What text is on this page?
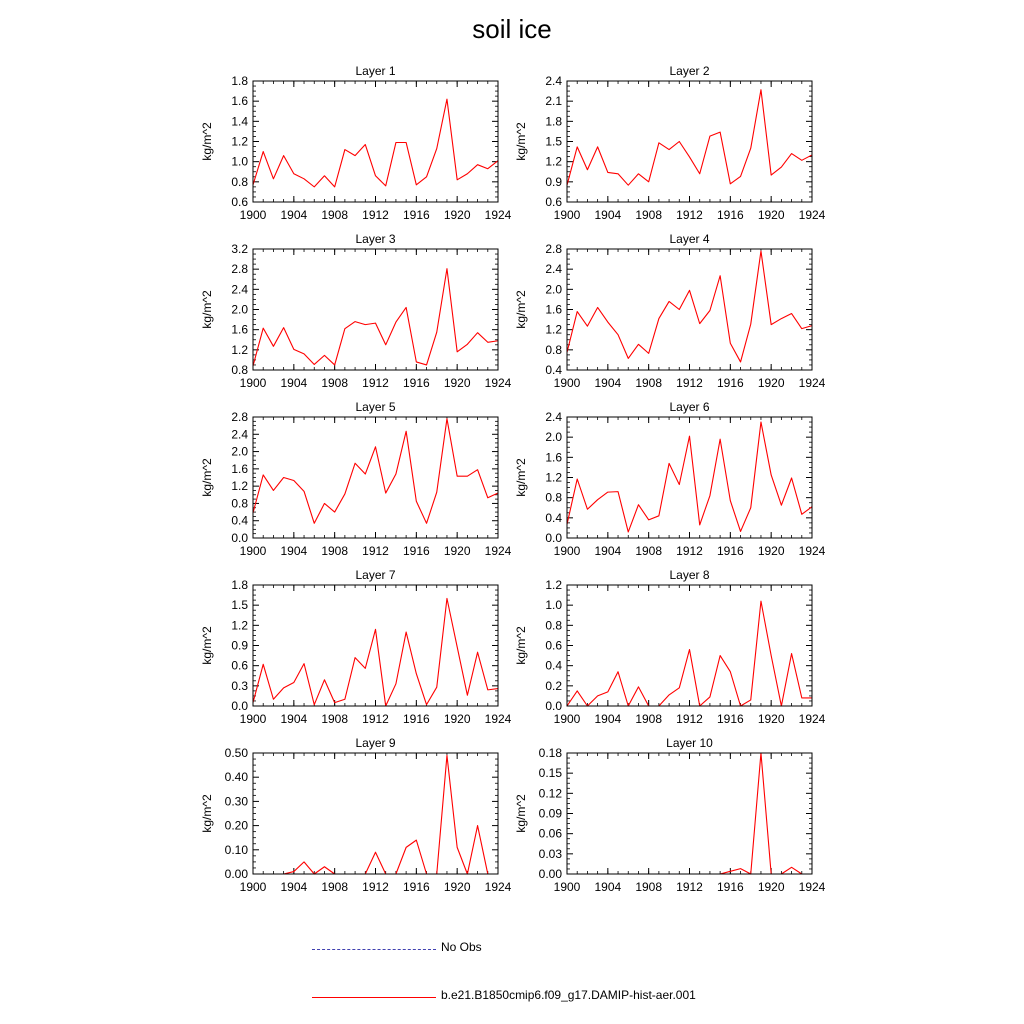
soil ice
Layer 1
kg/m^2
1900 1904 1908 1912 1916 1920 1924
0.6
0.8
1.0
1.2
1.4
1.6
1.8
Layer 2
kg/m^2
1900 1904 1908 1912 1916 1920 1924
0.6
0.9
1.2
1.5
1.8
2.1
2.4
Layer 3
kg/m^2
1900 1904 1908 1912 1916 1920 1924
0.8
1.2
1.6
2.0
2.4
2.8
3.2
Layer 4
kg/m^2
1900 1904 1908 1912 1916 1920 1924
0.4
0.8
1.2
1.6
2.0
2.4
2.8
Layer 5
kg/m^2
1900 1904 1908 1912 1916 1920 1924
0.0
0.4
0.8
1.2
1.6
2.0
2.4
2.8
Layer 6
kg/m^2
1900 1904 1908 1912 1916 1920 1924
0.0
0.4
0.8
1.2
1.6
2.0
2.4
Layer 7
kg/m^2
1900 1904 1908 1912 1916 1920 1924
0.0
0.3
0.6
0.9
1.2
1.5
1.8
Layer 8
kg/m^2
1900 1904 1908 1912 1916 1920 1924
0.0
0.2
0.4
0.6
0.8
1.0
1.2
Layer 9
kg/m^2
1900 1904 1908 1912 1916 1920 1924
0.00
0.10
0.20
0.30
0.40
0.50
Layer 10
kg/m^2
1900 1904 1908 1912 1916 1920 1924
0.00
0.03
0.06
0.09
0.12
0.15
0.18
No Obs
b.e21.B1850cmip6.f09_g17.DAMIP-hist-aer.001
